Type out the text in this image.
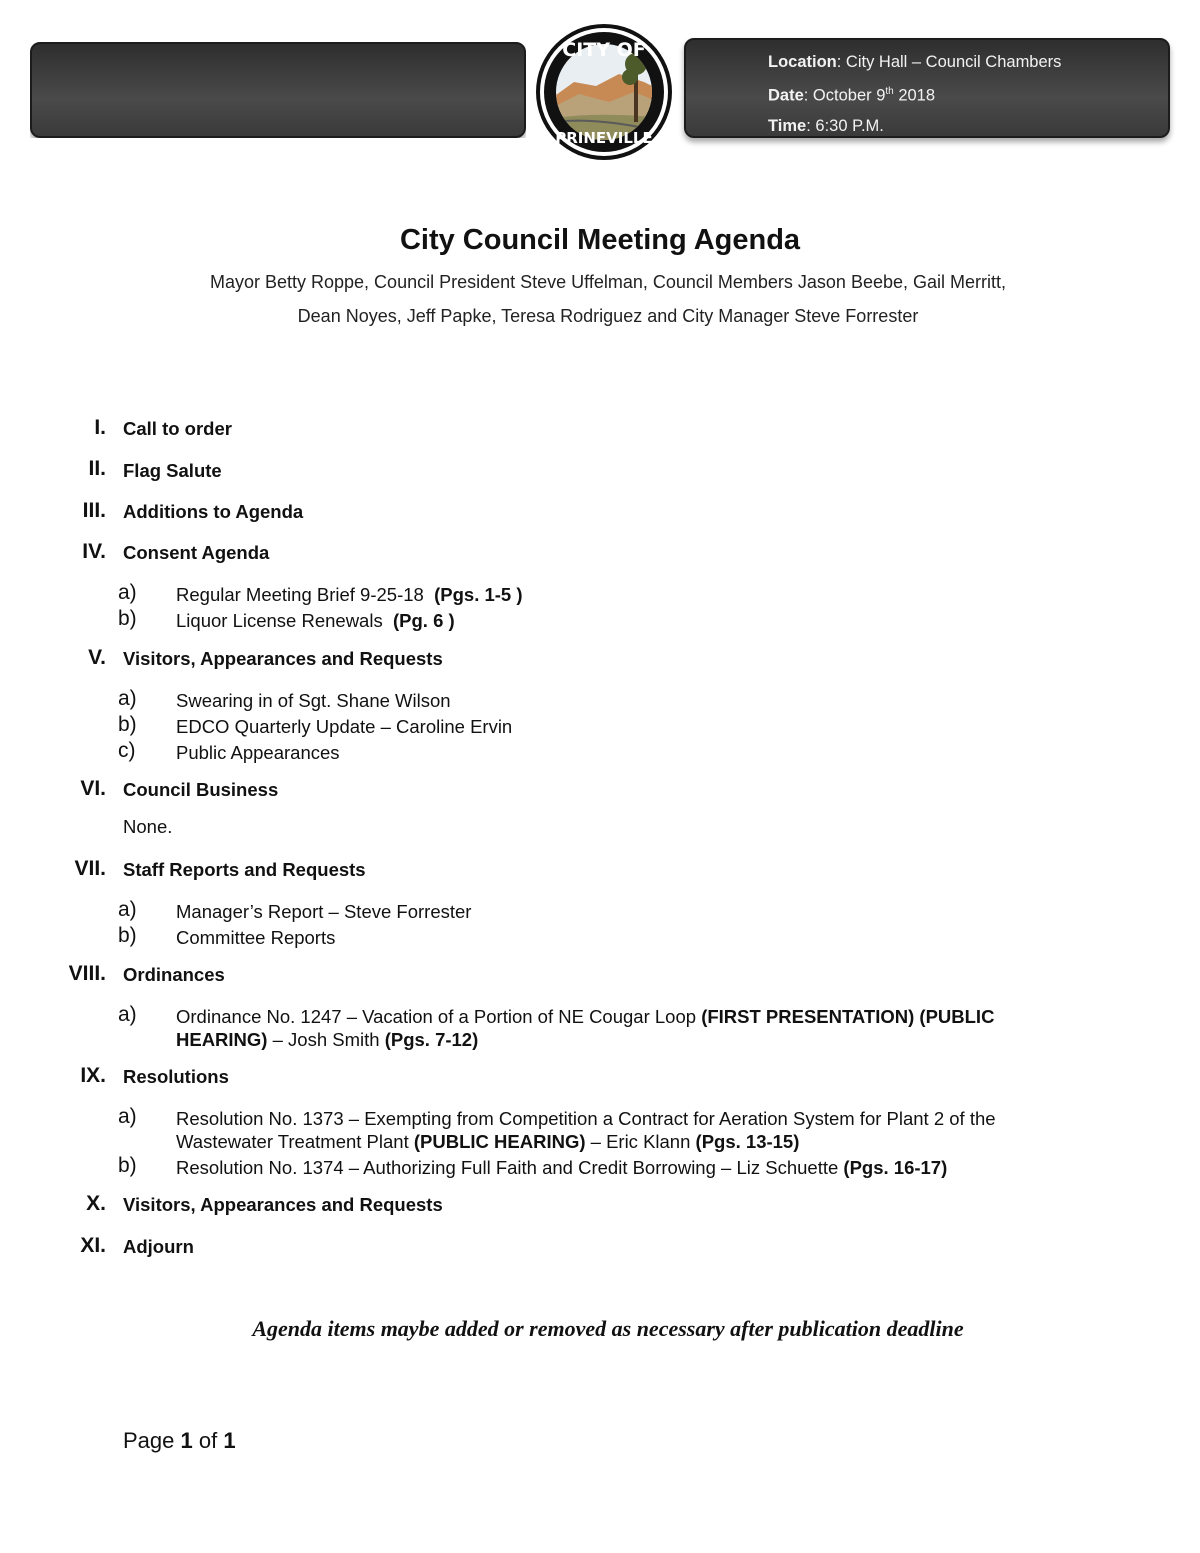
Location: City Hall – Council Chambers
Date: October 9th 2018
Time: 6:30 P.M.
CITY OF
PRINEVILLE
City Council Meeting Agenda
Mayor Betty Roppe, Council President Steve Uffelman, Council Members Jason Beebe, Gail Merritt,
Dean Noyes, Jeff Papke, Teresa Rodriguez and City Manager Steve Forrester
I. Call to order
II. Flag Salute
III. Additions to Agenda
IV. Consent Agenda
a) Regular Meeting Brief 9-25-18  (Pgs. 1-5 )
b) Liquor License Renewals  (Pg. 6 )
V. Visitors, Appearances and Requests
a) Swearing in of Sgt. Shane Wilson
b) EDCO Quarterly Update – Caroline Ervin
c) Public Appearances
VI. Council Business
None.
VII. Staff Reports and Requests
a) Manager’s Report – Steve Forrester
b) Committee Reports
VIII. Ordinances
a) Ordinance No. 1247 – Vacation of a Portion of NE Cougar Loop (FIRST PRESENTATION) (PUBLIC HEARING) – Josh Smith (Pgs. 7-12)
IX. Resolutions
a) Resolution No. 1373 – Exempting from Competition a Contract for Aeration System for Plant 2 of the Wastewater Treatment Plant (PUBLIC HEARING) – Eric Klann (Pgs. 13-15)
b) Resolution No. 1374 – Authorizing Full Faith and Credit Borrowing – Liz Schuette (Pgs. 16-17)
X. Visitors, Appearances and Requests
XI. Adjourn
Agenda items maybe added or removed as necessary after publication deadline
Page 1 of 1
